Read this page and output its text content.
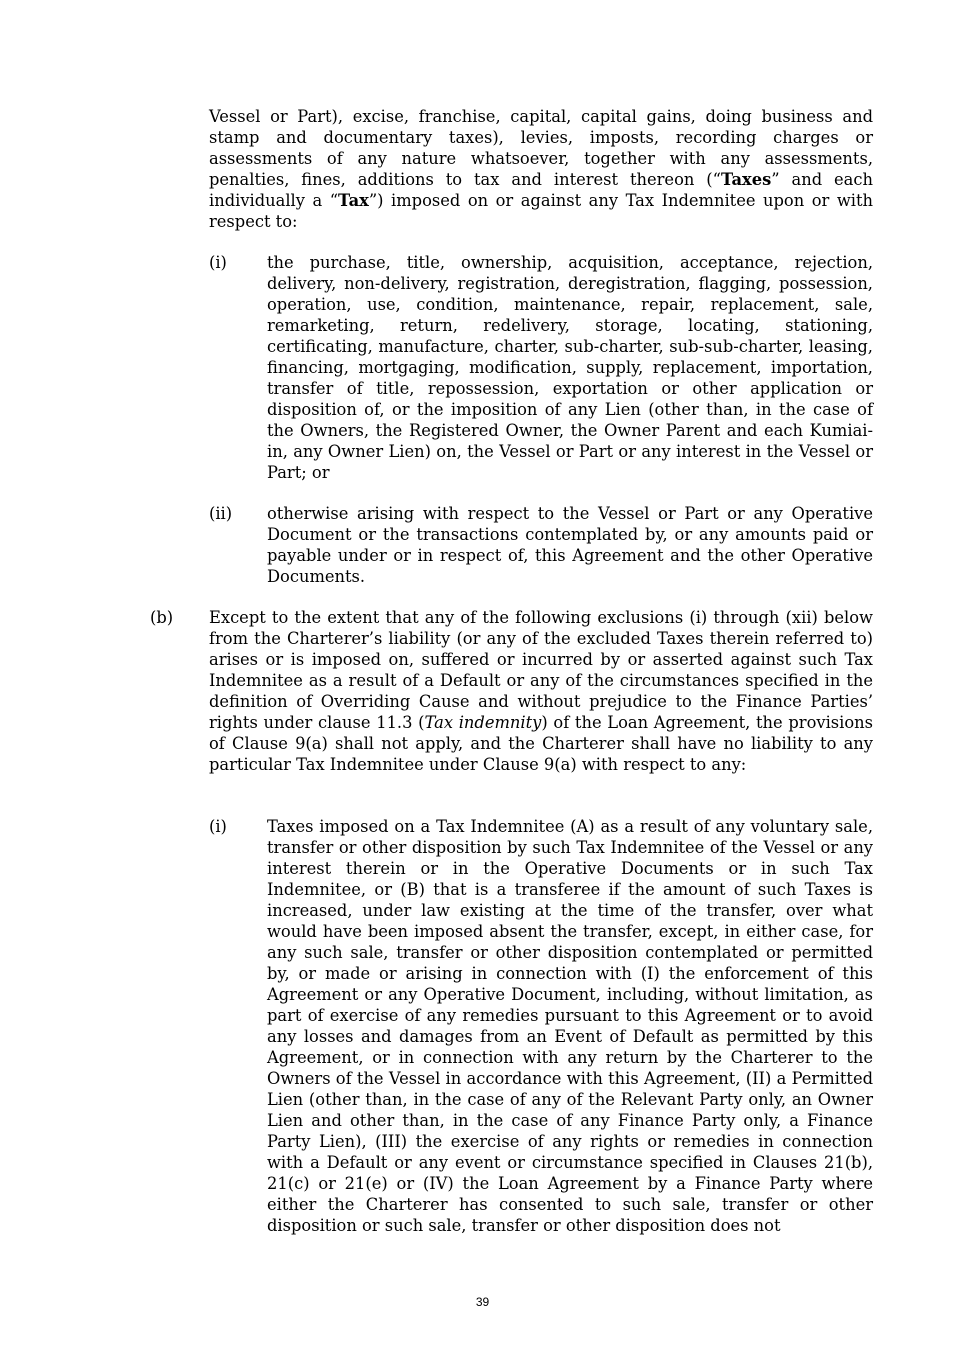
Vessel or Part), excise, franchise, capital, capital gains, doing business and stamp and documentary taxes), levies, imposts, recording charges or assessments of any nature whatsoever, together with any assessments, penalties, fines, additions to tax and interest thereon (“Taxes” and each individually a “Tax”) imposed on or against any Tax Indemnitee upon or with respect to:

(i) the purchase, title, ownership, acquisition, acceptance, rejection, delivery, non-delivery, registration, deregistration, flagging, possession, operation, use, condition, maintenance, repair, replacement, sale, remarketing, return, redelivery, storage, locating, stationing, certificating, manufacture, charter, sub-charter, sub-sub-charter, leasing, financing, mortgaging, modification, supply, replacement, importation, transfer of title, repossession, exportation or other application or disposition of, or the imposition of any Lien (other than, in the case of the Owners, the Registered Owner, the Owner Parent and each Kumiai-in, any Owner Lien) on, the Vessel or Part or any interest in the Vessel or Part; or

(ii) otherwise arising with respect to the Vessel or Part or any Operative Document or the transactions contemplated by, or any amounts paid or payable under or in respect of, this Agreement and the other Operative Documents.

(b) Except to the extent that any of the following exclusions (i) through (xii) below from the Charterer’s liability (or any of the excluded Taxes therein referred to) arises or is imposed on, suffered or incurred by or asserted against such Tax Indemnitee as a result of a Default or any of the circumstances specified in the definition of Overriding Cause and without prejudice to the Finance Parties’ rights under clause 11.3 (Tax indemnity) of the Loan Agreement, the provisions of Clause 9(a) shall not apply, and the Charterer shall have no liability to any particular Tax Indemnitee under Clause 9(a) with respect to any:

(i) Taxes imposed on a Tax Indemnitee (A) as a result of any voluntary sale, transfer or other disposition by such Tax Indemnitee of the Vessel or any interest therein or in the Operative Documents or in such Tax Indemnitee, or (B) that is a transferee if the amount of such Taxes is increased, under law existing at the time of the transfer, over what would have been imposed absent the transfer, except, in either case, for any such sale, transfer or other disposition contemplated or permitted by, or made or arising in connection with (I) the enforcement of this Agreement or any Operative Document, including, without limitation, as part of exercise of any remedies pursuant to this Agreement or to avoid any losses and damages from an Event of Default as permitted by this Agreement, or in connection with any return by the Charterer to the Owners of the Vessel in accordance with this Agreement, (II) a Permitted Lien (other than, in the case of any of the Relevant Party only, an Owner Lien and other than, in the case of any Finance Party only, a Finance Party Lien), (III) the exercise of any rights or remedies in connection with a Default or any event or circumstance specified in Clauses 21(b), 21(c) or 21(e) or (IV) the Loan Agreement by a Finance Party where either the Charterer has consented to such sale, transfer or other disposition or such sale, transfer or other disposition does not

39
